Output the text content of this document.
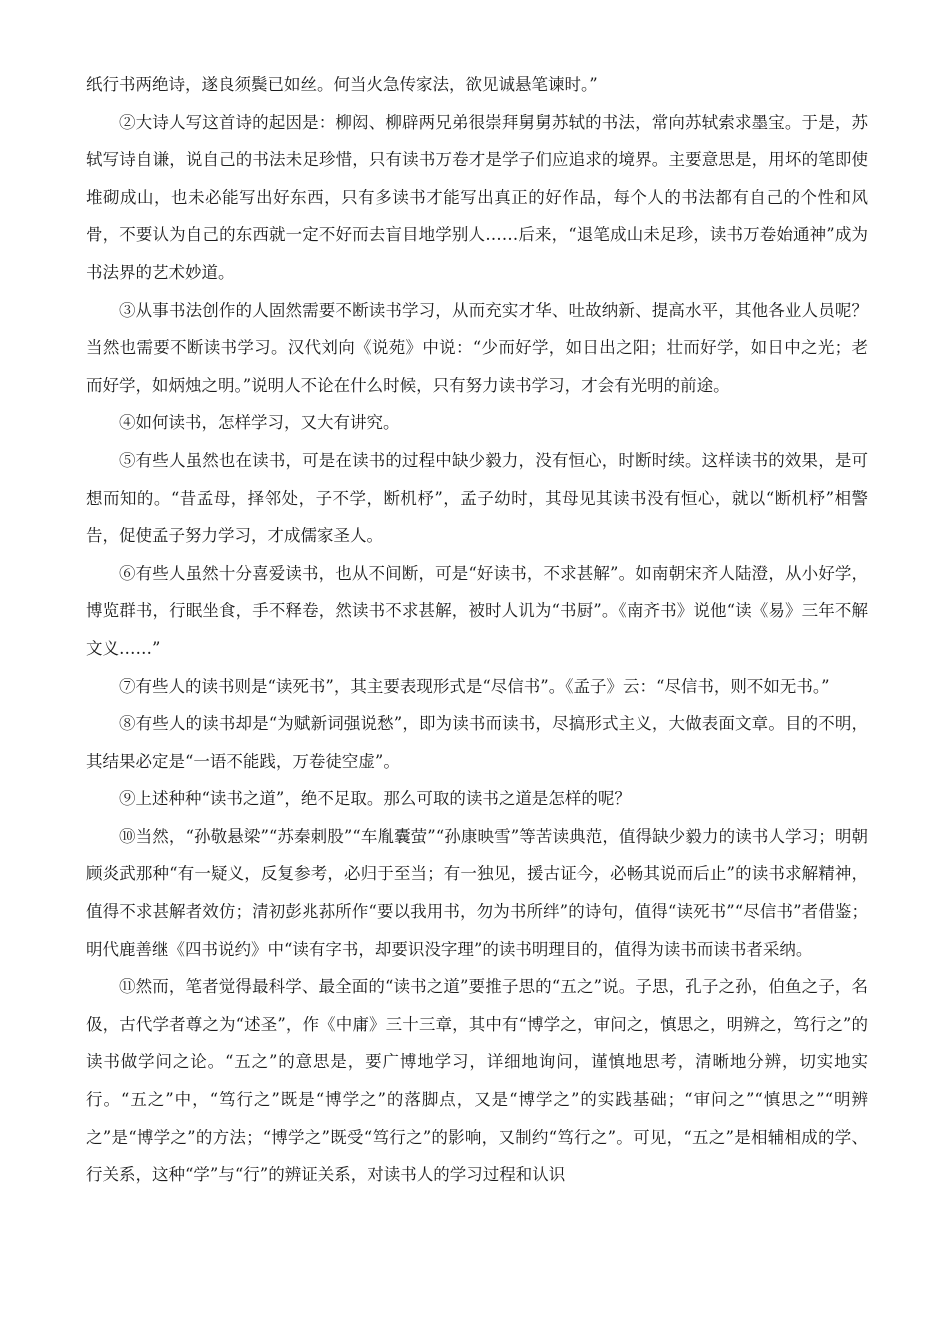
纸行书两绝诗，遂良须鬓已如丝。何当火急传家法，欲见诚悬笔谏时。”

②大诗人写这首诗的起因是：柳闳、柳辟两兄弟很崇拜舅舅苏轼的书法，常向苏轼索求墨宝。于是，苏轼写诗自谦，说自己的书法未足珍惜，只有读书万卷才是学子们应追求的境界。主要意思是，用坏的笔即使堆砌成山，也未必能写出好东西，只有多读书才能写出真正的好作品，每个人的书法都有自己的个性和风骨，不要认为自己的东西就一定不好而去盲目地学别人……后来，“退笔成山未足珍，读书万卷始通神”成为书法界的艺术妙道。

③从事书法创作的人固然需要不断读书学习，从而充实才华、吐故纳新、提高水平，其他各业人员呢？当然也需要不断读书学习。汉代刘向《说苑》中说：“少而好学，如日出之阳；壮而好学，如日中之光；老而好学，如炳烛之明。”说明人不论在什么时候，只有努力读书学习，才会有光明的前途。

④如何读书，怎样学习，又大有讲究。

⑤有些人虽然也在读书，可是在读书的过程中缺少毅力，没有恒心，时断时续。这样读书的效果，是可想而知的。“昔孟母，择邻处，子不学，断机杼”，孟子幼时，其母见其读书没有恒心，就以“断机杼”相警告，促使孟子努力学习，才成儒家圣人。

⑥有些人虽然十分喜爱读书，也从不间断，可是“好读书，不求甚解”。如南朝宋齐人陆澄，从小好学，博览群书，行眠坐食，手不释卷，然读书不求甚解，被时人讥为“书厨”。《南齐书》说他“读《易》三年不解文义……”

⑦有些人的读书则是“读死书”，其主要表现形式是“尽信书”。《孟子》云：“尽信书，则不如无书。”

⑧有些人的读书却是“为赋新词强说愁”，即为读书而读书，尽搞形式主义，大做表面文章。目的不明，其结果必定是“一语不能践，万卷徒空虚”。

⑨上述种种“读书之道”，绝不足取。那么可取的读书之道是怎样的呢？

⑩当然，“孙敬悬梁”“苏秦刺股”“车胤囊萤”“孙康映雪”等苦读典范，值得缺少毅力的读书人学习；明朝顾炎武那种“有一疑义，反复参考，必归于至当；有一独见，援古证今，必畅其说而后止”的读书求解精神，值得不求甚解者效仿；清初彭兆荪所作“要以我用书，勿为书所绊”的诗句，值得“读死书”“尽信书”者借鉴；明代鹿善继《四书说约》中“读有字书，却要识没字理”的读书明理目的，值得为读书而读书者采纳。

⑪然而，笔者觉得最科学、最全面的“读书之道”要推子思的“五之”说。子思，孔子之孙，伯鱼之子，名伋，古代学者尊之为“述圣”，作《中庸》三十三章，其中有“博学之，审问之，慎思之，明辨之，笃行之”的读书做学问之论。“五之”的意思是，要广博地学习，详细地询问，谨慎地思考，清晰地分辨，切实地实行。“五之”中，“笃行之”既是“博学之”的落脚点，又是“博学之”的实践基础；“审问之”“慎思之”“明辨之”是“博学之”的方法；“博学之”既受“笃行之”的影响，又制约“笃行之”。可见，“五之”是相辅相成的学、行关系，这种“学”与“行”的辨证关系，对读书人的学习过程和认识
